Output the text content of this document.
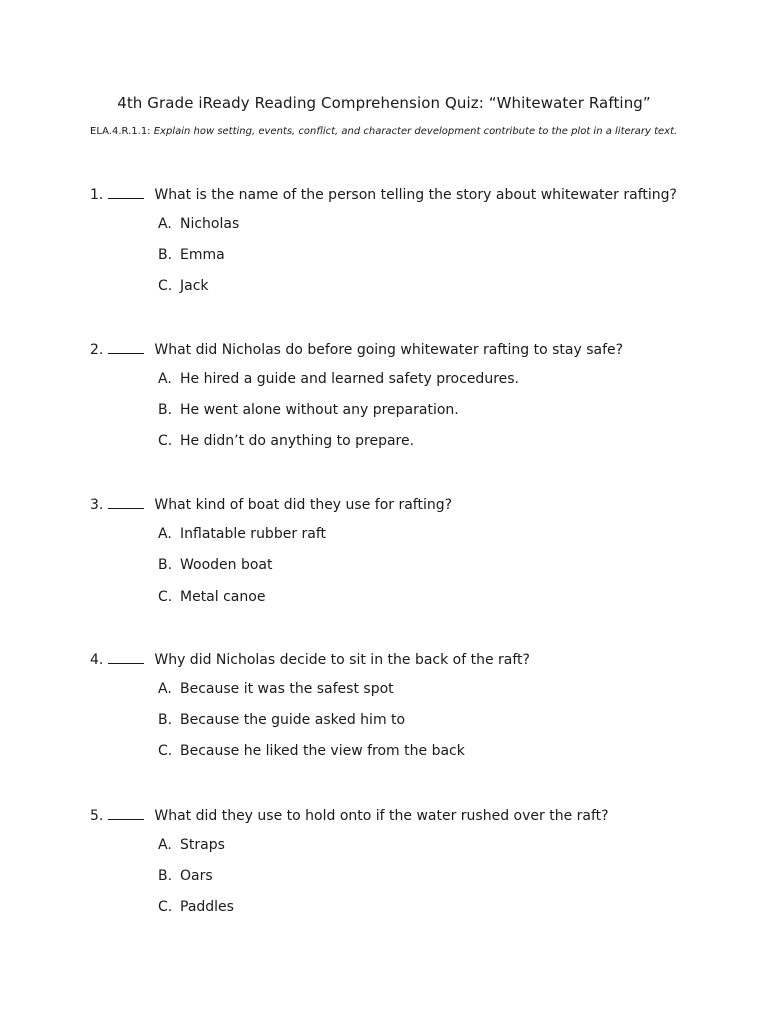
4th Grade iReady Reading Comprehension Quiz: “Whitewater Rafting”
ELA.4.R.1.1: Explain how setting, events, conflict, and character development contribute to the plot in a literary text.
1.	What is the name of the person telling the story about whitewater rafting?
A. Nicholas
B. Emma
C. Jack
2.	What did Nicholas do before going whitewater rafting to stay safe?
A. He hired a guide and learned safety procedures.
B. He went alone without any preparation.
C. He didn’t do anything to prepare.
3.	What kind of boat did they use for rafting?
A. Inflatable rubber raft
B. Wooden boat
C. Metal canoe
4.	Why did Nicholas decide to sit in the back of the raft?
A. Because it was the safest spot
B. Because the guide asked him to
C. Because he liked the view from the back
5.	What did they use to hold onto if the water rushed over the raft?
A. Straps
B. Oars
C. Paddles
